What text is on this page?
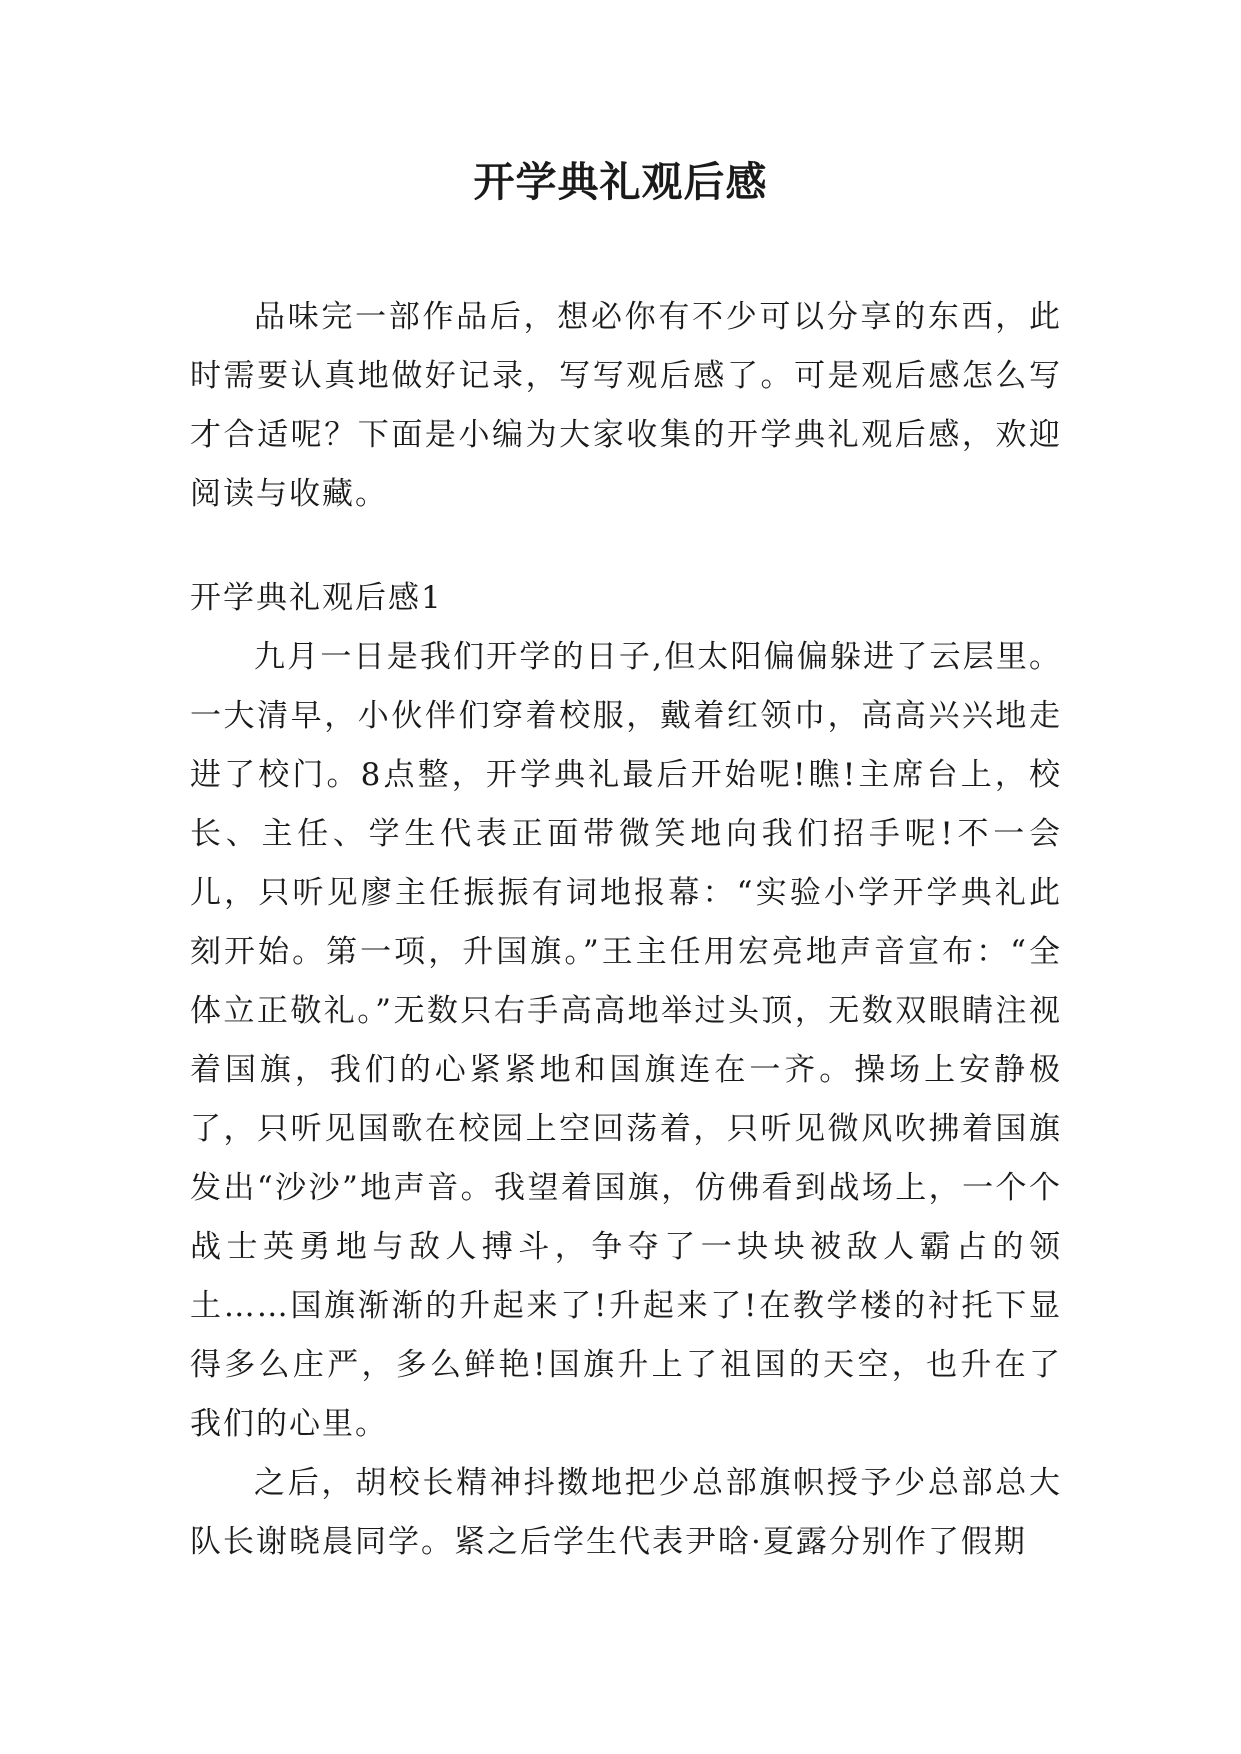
开学典礼观后感

品味完一部作品后，想必你有不少可以分享的东西，此时需要认真地做好记录，写写观后感了。可是观后感怎么写才合适呢？下面是小编为大家收集的开学典礼观后感，欢迎阅读与收藏。

开学典礼观后感1

九月一日是我们开学的日子,但太阳偏偏躲进了云层里。一大清早，小伙伴们穿着校服，戴着红领巾，高高兴兴地走进了校门。8点整，开学典礼最后开始呢!瞧!主席台上，校长、主任、学生代表正面带微笑地向我们招手呢!不一会儿，只听见廖主任振振有词地报幕：“实验小学开学典礼此刻开始。第一项，升国旗。”王主任用宏亮地声音宣布：“全体立正敬礼。”无数只右手高高地举过头顶，无数双眼睛注视着国旗，我们的心紧紧地和国旗连在一齐。操场上安静极了，只听见国歌在校园上空回荡着，只听见微风吹拂着国旗发出“沙沙”地声音。我望着国旗，仿佛看到战场上，一个个战士英勇地与敌人搏斗，争夺了一块块被敌人霸占的领土……国旗渐渐的升起来了!升起来了!在教学楼的衬托下显得多么庄严，多么鲜艳!国旗升上了祖国的天空，也升在了我们的心里。

之后，胡校长精神抖擞地把少总部旗帜授予少总部总大队长谢晓晨同学。紧之后学生代表尹晗·夏露分别作了假期
